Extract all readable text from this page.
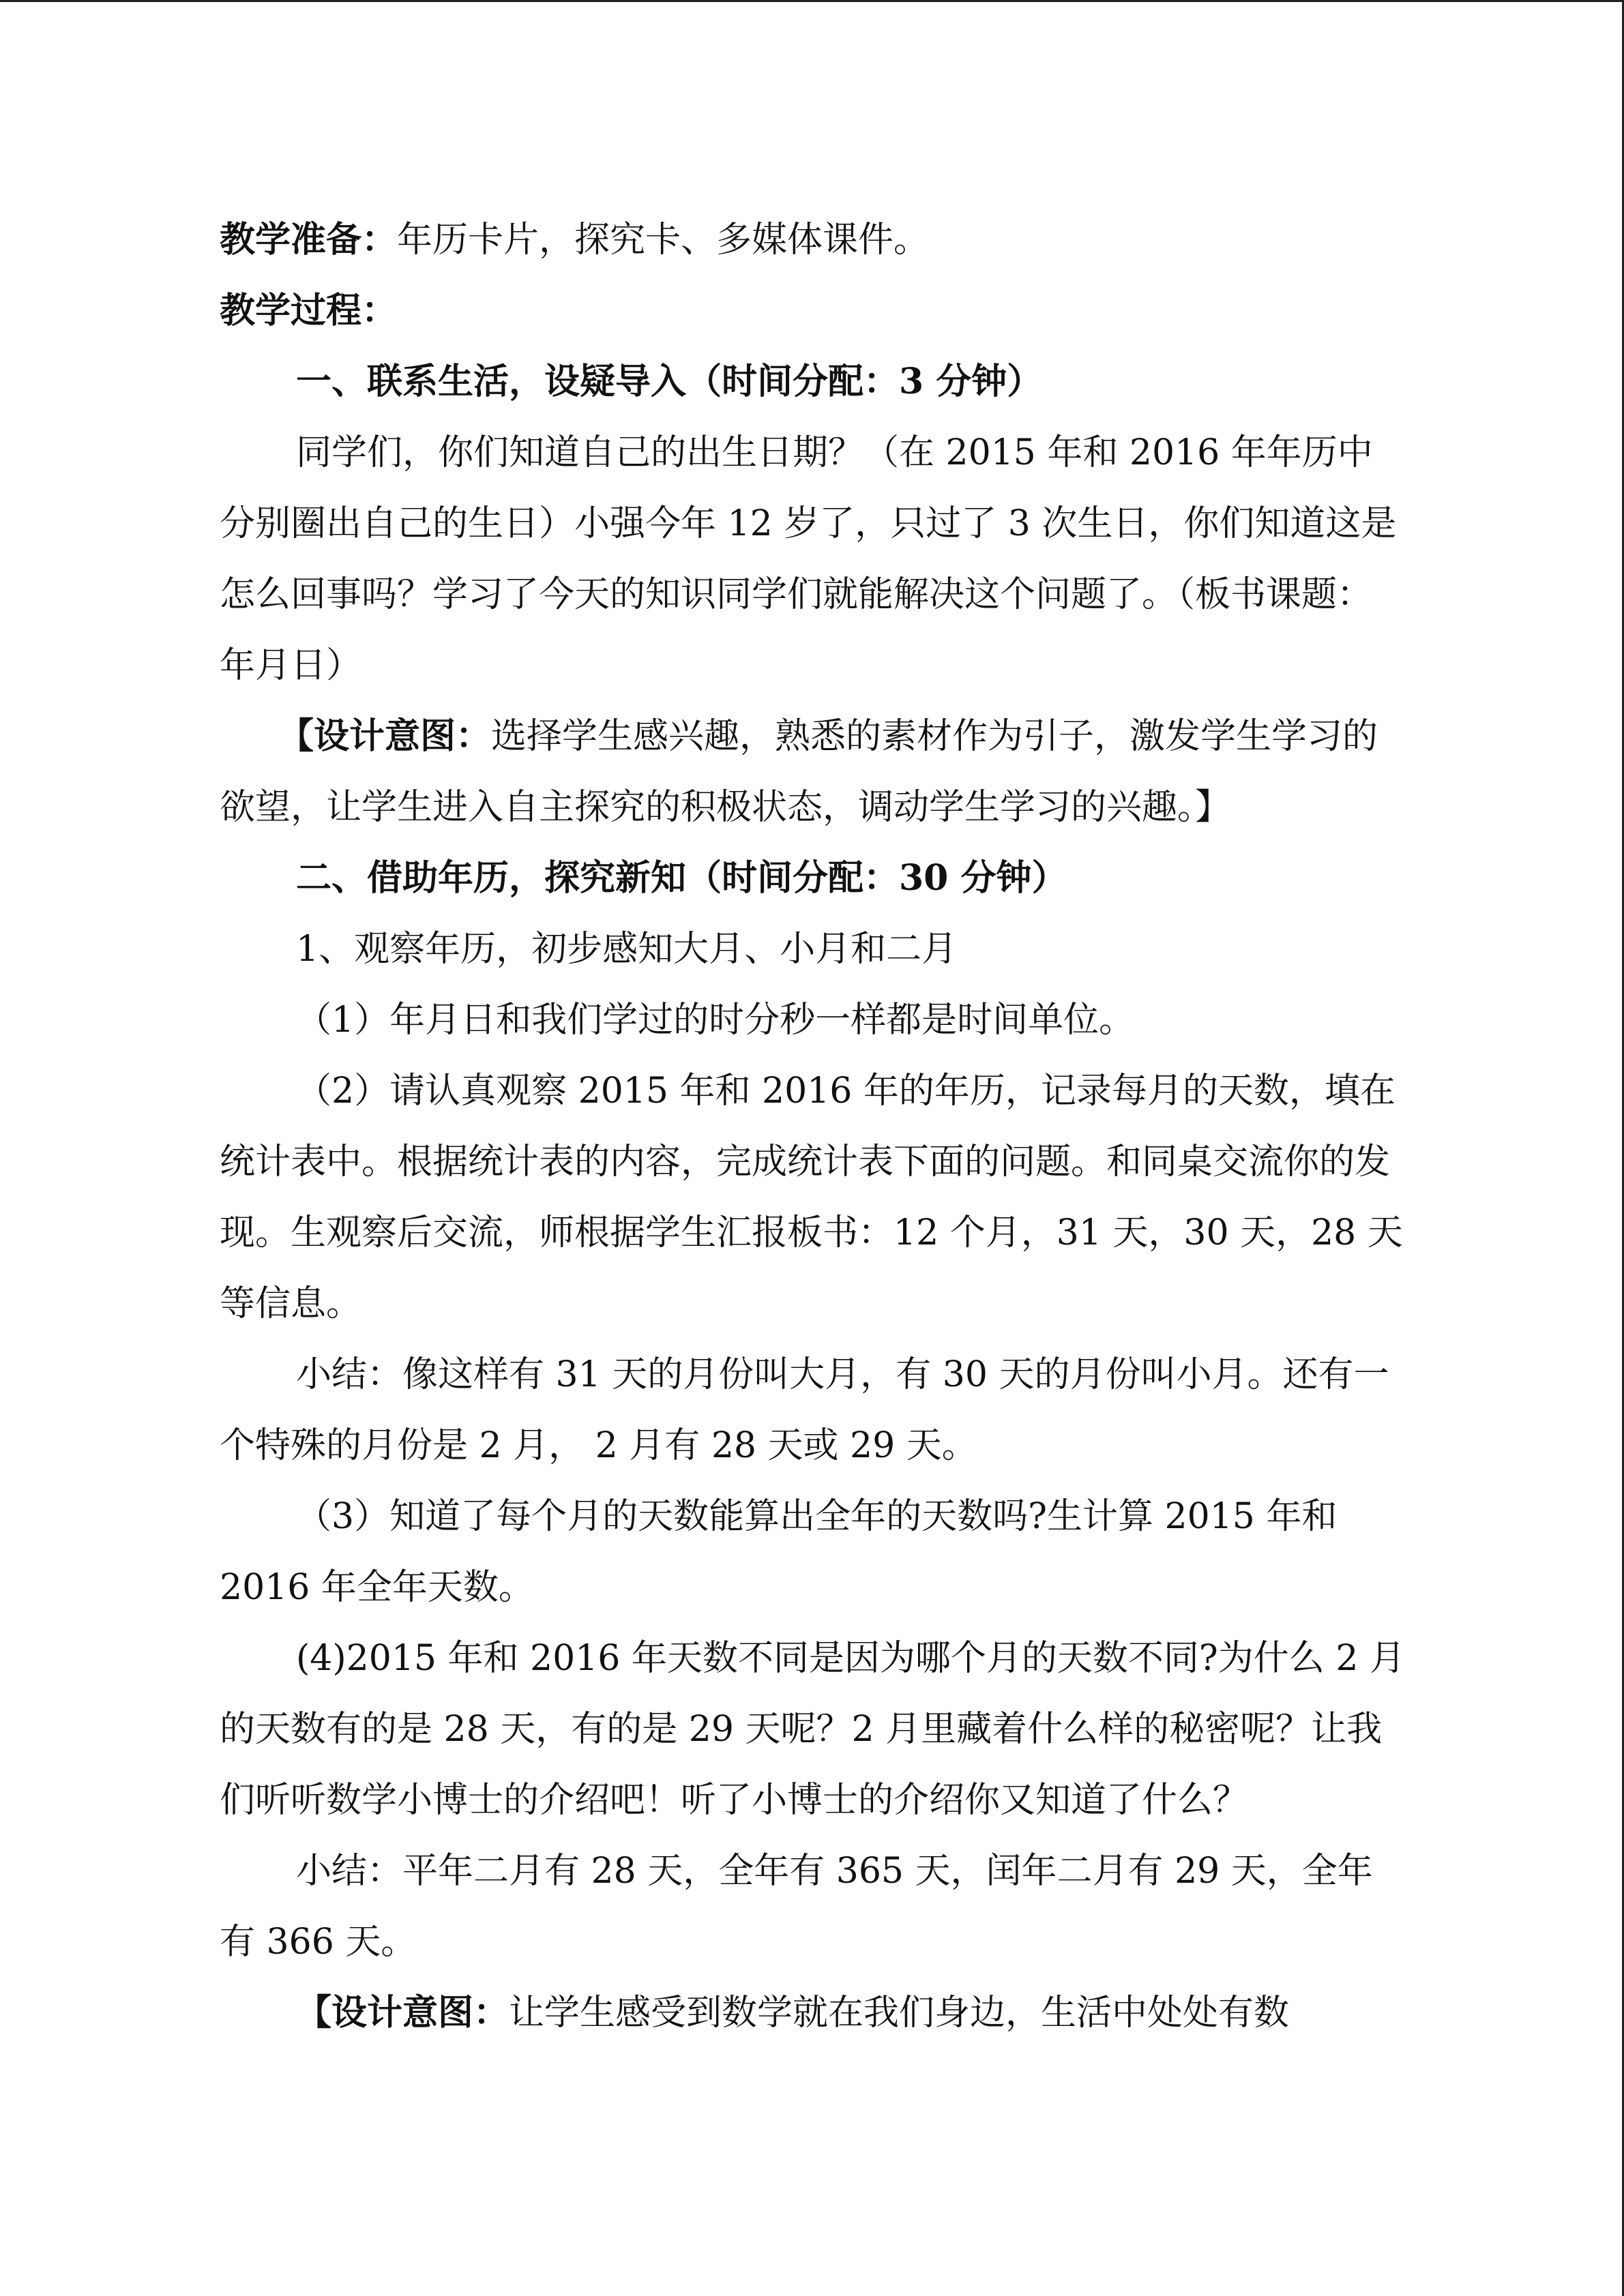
教学准备：年历卡片，探究卡、多媒体课件。

教学过程：

一、联系生活，设疑导入（时间分配：3 分钟）

同学们，你们知道自己的出生日期？（在 2015 年和 2016 年年历中分别圈出自己的生日）小强今年 12 岁了，只过了 3 次生日，你们知道这是怎么回事吗？学习了今天的知识同学们就能解决这个问题了。（板书课题：年月日）

【设计意图：选择学生感兴趣，熟悉的素材作为引子，激发学生学习的欲望，让学生进入自主探究的积极状态，调动学生学习的兴趣。】

二、借助年历，探究新知（时间分配：30 分钟）

1、观察年历，初步感知大月、小月和二月

（1）年月日和我们学过的时分秒一样都是时间单位。

（2）请认真观察 2015 年和 2016 年的年历，记录每月的天数，填在统计表中。根据统计表的内容，完成统计表下面的问题。和同桌交流你的发现。生观察后交流，师根据学生汇报板书：12 个月，31 天，30 天，28 天等信息。

小结：像这样有 31 天的月份叫大月，有 30 天的月份叫小月。还有一个特殊的月份是 2 月， 2 月有 28 天或 29 天。

（3）知道了每个月的天数能算出全年的天数吗?生计算 2015 年和 2016 年全年天数。

(4)2015 年和 2016 年天数不同是因为哪个月的天数不同?为什么 2 月的天数有的是 28 天，有的是 29 天呢？2 月里藏着什么样的秘密呢？让我们听听数学小博士的介绍吧！听了小博士的介绍你又知道了什么？

小结：平年二月有 28 天，全年有 365 天，闰年二月有 29 天，全年有 366 天。

【设计意图：让学生感受到数学就在我们身边，生活中处处有数
